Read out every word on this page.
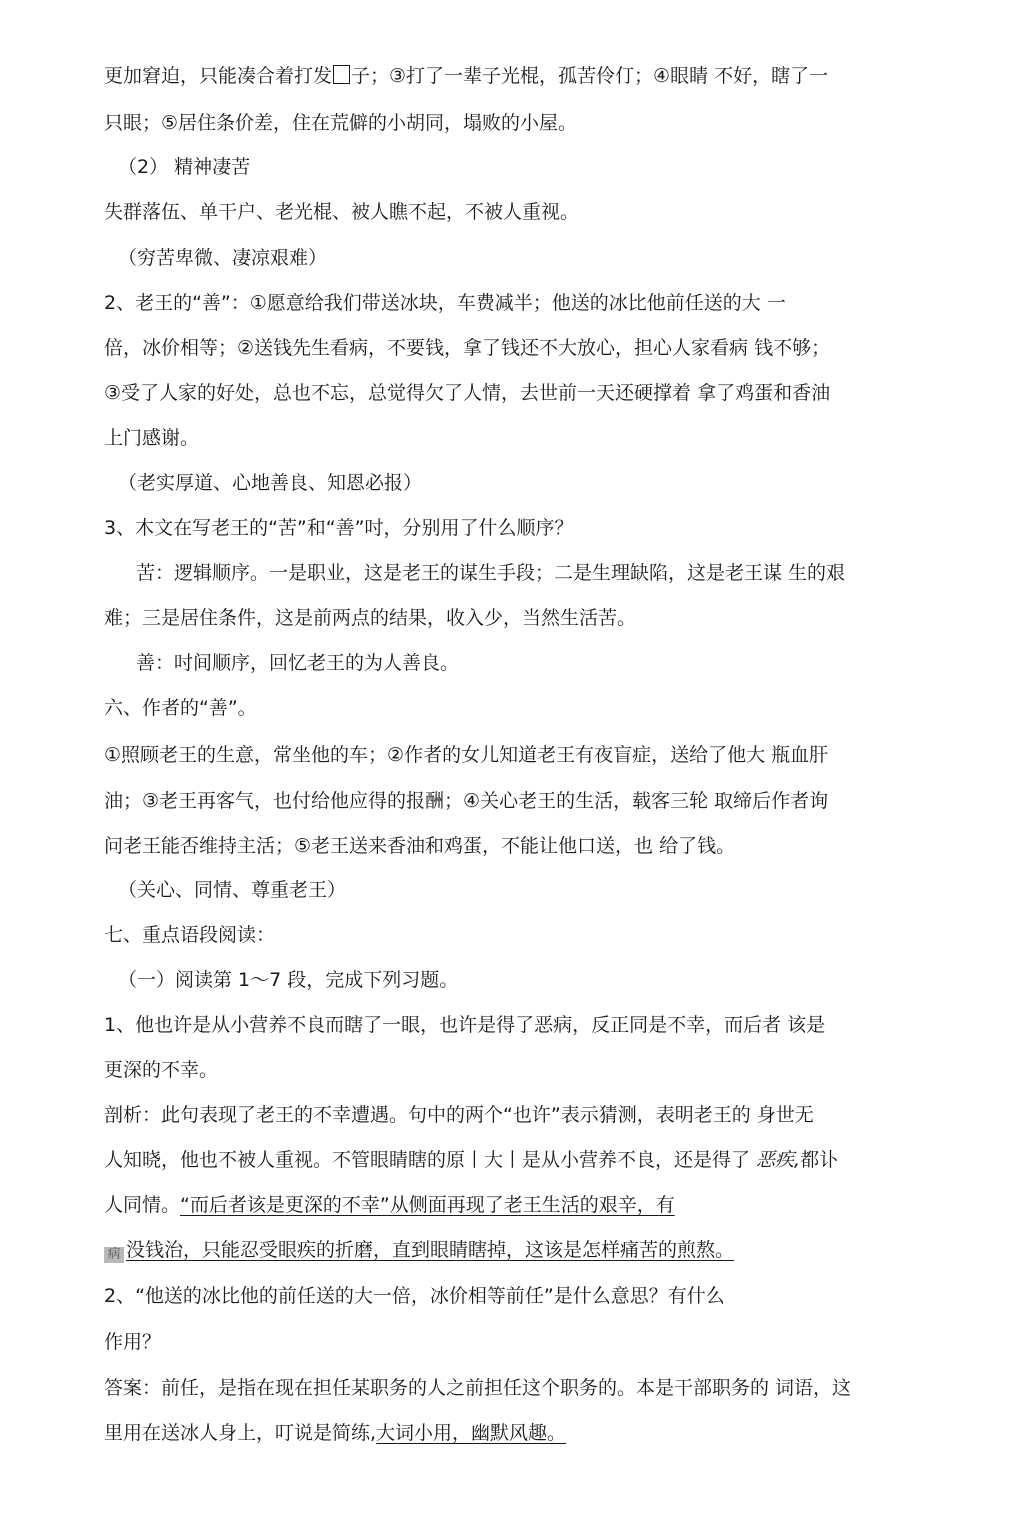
更加窘迫，只能凑合着打发 子；③打了一辈子光棍，孤苦伶仃；④眼睛 不好，瞎了一
只眼；⑤居住条价差，住在荒僻的小胡同，塌败的小屋。
（2） 精神凄苦
失群落伍、单干户、老光棍、被人瞧不起，不被人重视。
（穷苦卑微、凄凉艰难）
2、老王的“善”：①愿意给我们带送冰块，车费减半；他送的冰比他前任送的大 一
倍，冰价相等；②送钱先生看病，不要钱，拿了钱还不大放心，担心人家看病 钱不够；
③受了人家的好处，总也不忘，总觉得欠了人情，去世前一天还硬撑着 拿了鸡蛋和香油
上门感谢。
（老实厚道、心地善良、知恩必报）
3、木文在写老王的“苦”和“善”吋，分别用了什么顺序？
苦：逻辑顺序。一是职业，这是老王的谋生手段；二是生理缺陷，这是老王谋 生的艰
难；三是居住条件，这是前两点的结果，收入少，当然生活苦。
善：吋间顺序，回忆老王的为人善良。
六、作者的“善”。
①照顾老王的生意，常坐他的车；②作者的女儿知道老王有夜盲症，送给了他大 瓶血肝
油；③老王再客气，也付给他应得的报酬；④关心老王的生活，载客三轮 取缔后作者询
问老王能否维持主活；⑤老王送来香油和鸡蛋，不能让他口送，也 给了钱。
（关心、同情、尊重老王）
七、重点语段阅读：
（一）阅读第 1～7 段，完成下列习题。
1、他也许是从小营养不良而瞎了一眼，也许是得了恶病，反正同是不幸，而后者 该是
更深的不幸。
剖析：此句表现了老王的不幸遭遇。句中的两个“也许”表示猜测，表明老王的 身世无
人知晓，他也不被人重视。不管眼睛瞎的原丨大丨是从小营养不良，还是得了 恶疾,都讣
人同情。“而后者该是更深的不幸”从侧面再现了老王生活的艰辛，有
病 没钱治，只能忍受眼疾的折磨，直到眼睛瞎掉，这该是怎样痛苦的煎熬。
2、“他送的冰比他的前任送的大一倍，冰价相等前任”是什么意思？有什么
作用？
答案：前任，是指在现在担任某职务的人之前担任这个职务的。本是干部职务的 词语，这
里用在送冰人身上，叮说是简练,大词小用，幽默风趣。
